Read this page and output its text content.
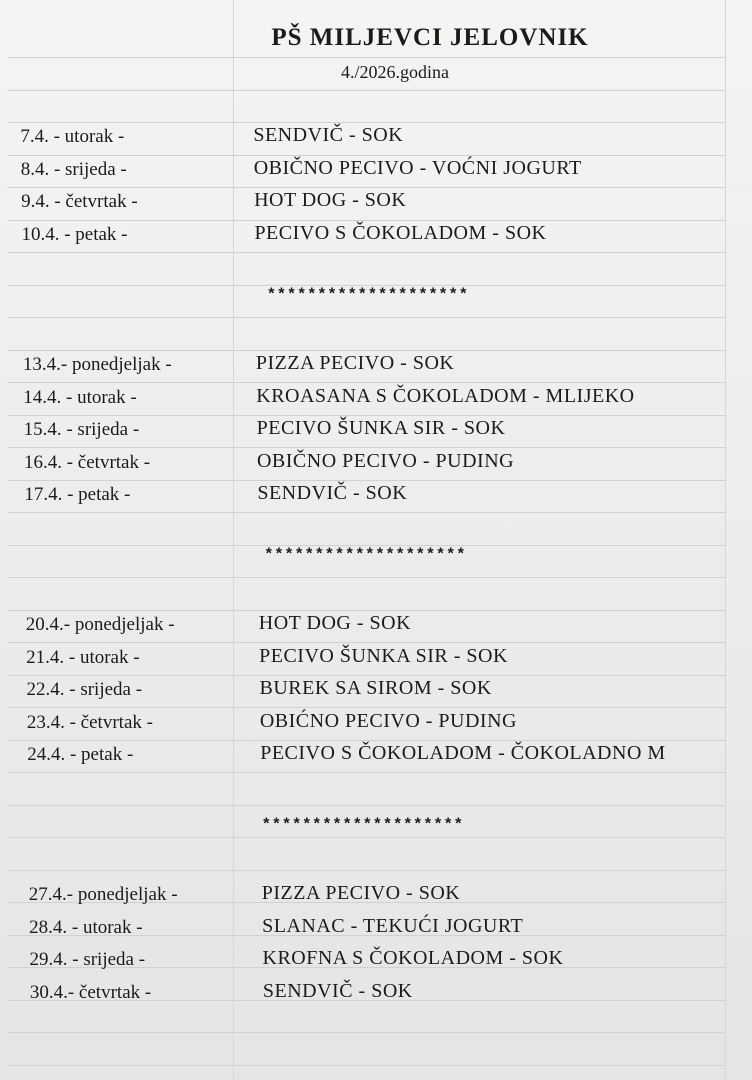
PŠ MILJEVCI JELOVNIK
4./2026.godina
7.4. - utorak -	SENDVIČ - SOK
8.4. - srijeda -	OBIČNO PECIVO - VOĆNI JOGURT
9.4. - četvrtak -	HOT DOG - SOK
10.4. - petak -	PECIVO S ČOKOLADOM - SOK
13.4.- ponedjeljak -	PIZZA PECIVO - SOK
14.4. - utorak -	KROASANA S ČOKOLADOM - MLIJEKO
15.4. - srijeda -	PECIVO ŠUNKA SIR - SOK
16.4. - četvrtak -	OBIČNO PECIVO - PUDING
17.4. - petak -	SENDVIČ - SOK
20.4.- ponedjeljak -	HOT DOG - SOK
21.4. - utorak -	PECIVO ŠUNKA SIR - SOK
22.4. - srijeda -	BUREK SA SIROM - SOK
23.4. - četvrtak -	OBIĆNO PECIVO - PUDING
24.4. - petak -	PECIVO S ČOKOLADOM - ČOKOLADNO M
27.4.- ponedjeljak -	PIZZA PECIVO - SOK
28.4. - utorak -	SLANAC - TEKUĆI JOGURT
29.4. - srijeda -	KROFNA S ČOKOLADOM - SOK
30.4.- četvrtak -	SENDVIČ - SOK
********************
********************
********************
